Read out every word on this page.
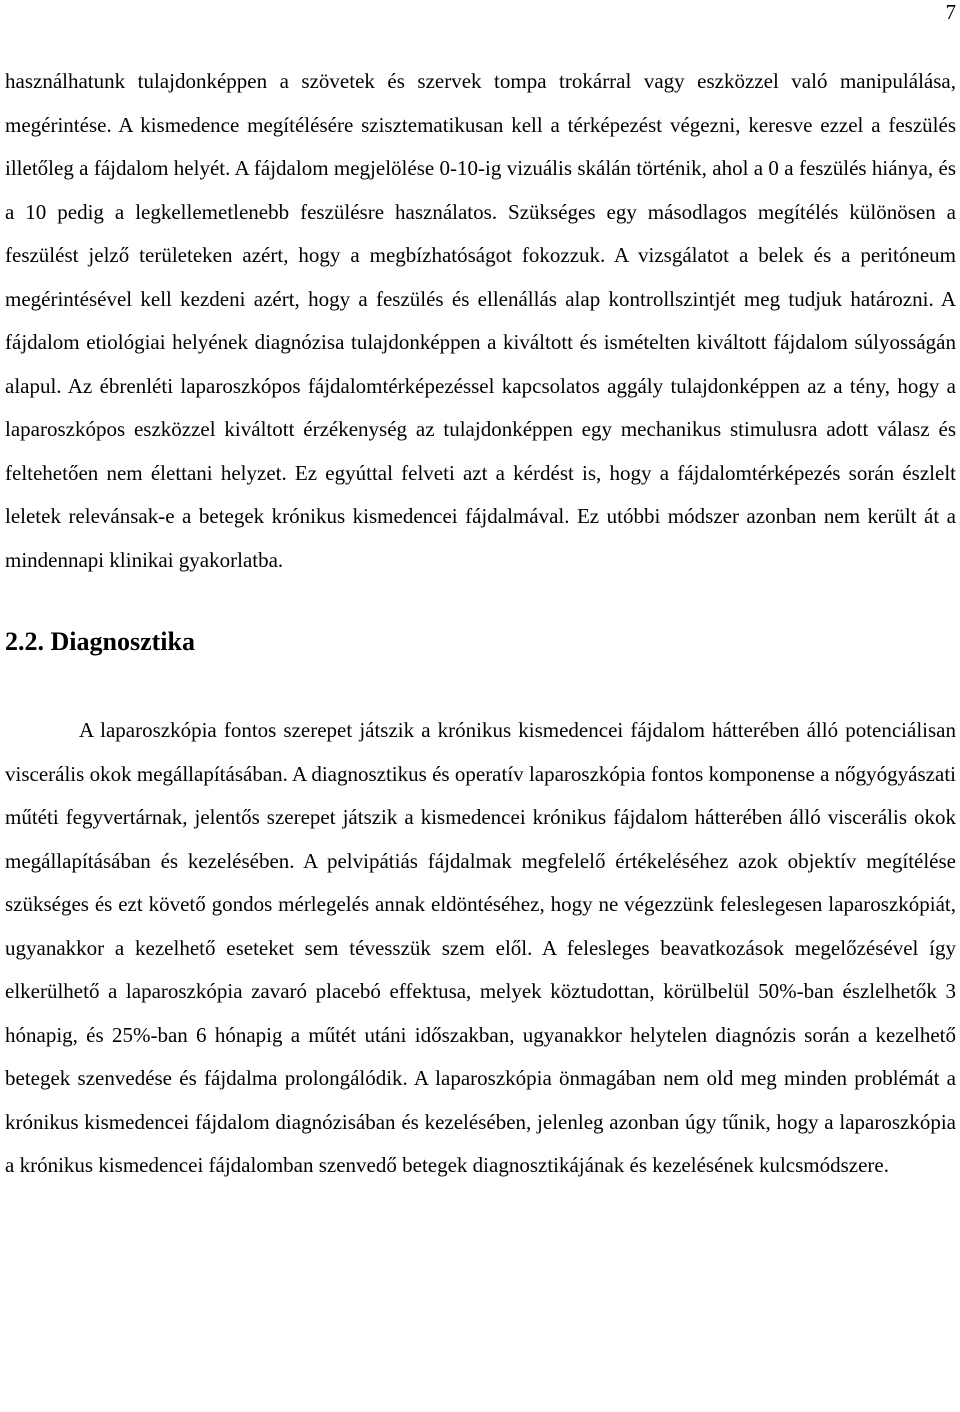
7

használhatunk tulajdonképpen a szövetek és szervek tompa trokárral vagy eszközzel való manipulálása, megérintése. A kismedence megítélésére szisztematikusan kell a térképezést végezni, keresve ezzel a feszülés illetőleg a fájdalom helyét. A fájdalom megjelölése 0-10-ig vizuális skálán történik, ahol a 0 a feszülés hiánya, és a 10 pedig a legkellemetlenebb feszülésre használatos. Szükséges egy másodlagos megítélés különösen a feszülést jelző területeken azért, hogy a megbízhatóságot fokozzuk. A vizsgálatot a belek és a peritóneum megérintésével kell kezdeni azért, hogy a feszülés és ellenállás alap kontrollszintjét meg tudjuk határozni. A fájdalom etiológiai helyének diagnózisa tulajdonképpen a kiváltott és ismételten kiváltott fájdalom súlyosságán alapul. Az ébrenléti laparoszkópos fájdalomtérképezéssel kapcsolatos aggály tulajdonképpen az a tény, hogy a laparoszkópos eszközzel kiváltott érzékenység az tulajdonképpen egy mechanikus stimulusra adott válasz és feltehetően nem élettani helyzet. Ez egyúttal felveti azt a kérdést is, hogy a fájdalomtérképezés során észlelt leletek relevánsak-e a betegek krónikus kismedencei fájdalmával. Ez utóbbi módszer azonban nem került át a mindennapi klinikai gyakorlatba.

2.2. Diagnosztika

A laparoszkópia fontos szerepet játszik a krónikus kismedencei fájdalom hátterében álló potenciálisan viscerális okok megállapításában. A diagnosztikus és operatív laparoszkópia fontos komponense a nőgyógyászati műtéti fegyvertárnak, jelentős szerepet játszik a kismedencei krónikus fájdalom hátterében álló viscerális okok megállapításában és kezelésében. A pelvipátiás fájdalmak megfelelő értékeléséhez azok objektív megítélése szükséges és ezt követő gondos mérlegelés annak eldöntéséhez, hogy ne végezzünk feleslegesen laparoszkópiát, ugyanakkor a kezelhető eseteket sem tévesszük szem elől. A felesleges beavatkozások megelőzésével így elkerülhető a laparoszkópia zavaró placebó effektusa, melyek köztudottan, körülbelül 50%-ban észlelhetők 3 hónapig, és 25%-ban 6 hónapig a műtét utáni időszakban, ugyanakkor helytelen diagnózis során a kezelhető betegek szenvedése és fájdalma prolongálódik. A laparoszkópia önmagában nem old meg minden problémát a krónikus kismedencei fájdalom diagnózisában és kezelésében, jelenleg azonban úgy tűnik, hogy a laparoszkópia a krónikus kismedencei fájdalomban szenvedő betegek diagnosztikájának és kezelésének kulcsmódszere.
